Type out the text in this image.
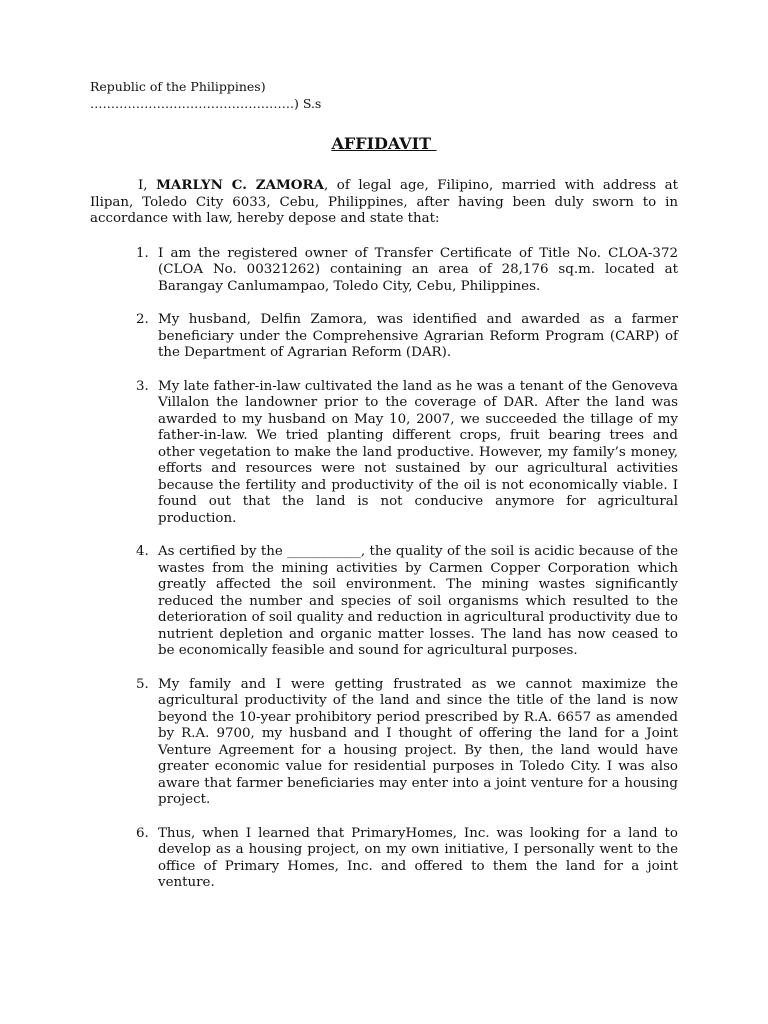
Republic of the Philippines)
………………………………………….) S.s
AFFIDAVIT

I, MARLYN C. ZAMORA, of legal age, Filipino, married with address at Ilipan, Toledo City 6033, Cebu, Philippines, after having been duly sworn to in accordance with law, hereby depose and state that:

1. I am the registered owner of Transfer Certificate of Title No. CLOA-372 (CLOA No. 00321262) containing an area of 28,176 sq.m. located at Barangay Canlumampao, Toledo City, Cebu, Philippines.
2. My husband, Delfin Zamora, was identified and awarded as a farmer beneficiary under the Comprehensive Agrarian Reform Program (CARP) of the Department of Agrarian Reform (DAR).
3. My late father-in-law cultivated the land as he was a tenant of the Genoveva Villalon the landowner prior to the coverage of DAR. After the land was awarded to my husband on May 10, 2007, we succeeded the tillage of my father-in-law. We tried planting different crops, fruit bearing trees and other vegetation to make the land productive. However, my family’s money, efforts and resources were not sustained by our agricultural activities because the fertility and productivity of the oil is not economically viable. I found out that the land is not conducive anymore for agricultural production.
4. As certified by the ___________, the quality of the soil is acidic because of the wastes from the mining activities by Carmen Copper Corporation which greatly affected the soil environment. The mining wastes significantly reduced the number and species of soil organisms which resulted to the deterioration of soil quality and reduction in agricultural productivity due to nutrient depletion and organic matter losses. The land has now ceased to be economically feasible and sound for agricultural purposes.
5. My family and I were getting frustrated as we cannot maximize the agricultural productivity of the land and since the title of the land is now beyond the 10-year prohibitory period prescribed by R.A. 6657 as amended by R.A. 9700, my husband and I thought of offering the land for a Joint Venture Agreement for a housing project. By then, the land would have greater economic value for residential purposes in Toledo City. I was also aware that farmer beneficiaries may enter into a joint venture for a housing project.
6. Thus, when I learned that PrimaryHomes, Inc. was looking for a land to develop as a housing project, on my own initiative, I personally went to the office of Primary Homes, Inc. and offered to them the land for a joint venture.
